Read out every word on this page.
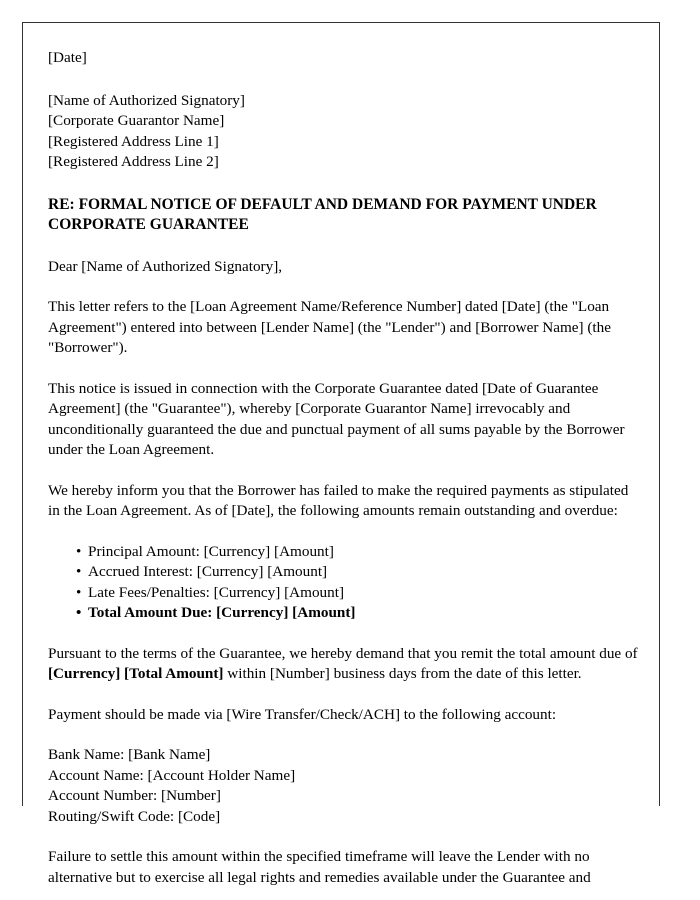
[Date]

[Name of Authorized Signatory]
[Corporate Guarantor Name]
[Registered Address Line 1]
[Registered Address Line 2]

RE: FORMAL NOTICE OF DEFAULT AND DEMAND FOR PAYMENT UNDER CORPORATE GUARANTEE

Dear [Name of Authorized Signatory],

This letter refers to the [Loan Agreement Name/Reference Number] dated [Date] (the "Loan Agreement") entered into between [Lender Name] (the "Lender") and [Borrower Name] (the "Borrower").

This notice is issued in connection with the Corporate Guarantee dated [Date of Guarantee Agreement] (the "Guarantee"), whereby [Corporate Guarantor Name] irrevocably and unconditionally guaranteed the due and punctual payment of all sums payable by the Borrower under the Loan Agreement.

We hereby inform you that the Borrower has failed to make the required payments as stipulated in the Loan Agreement. As of [Date], the following amounts remain outstanding and overdue:

• Principal Amount: [Currency] [Amount]
• Accrued Interest: [Currency] [Amount]
• Late Fees/Penalties: [Currency] [Amount]
• Total Amount Due: [Currency] [Amount]

Pursuant to the terms of the Guarantee, we hereby demand that you remit the total amount due of [Currency] [Total Amount] within [Number] business days from the date of this letter.

Payment should be made via [Wire Transfer/Check/ACH] to the following account:

Bank Name: [Bank Name]
Account Name: [Account Holder Name]
Account Number: [Number]
Routing/Swift Code: [Code]

Failure to settle this amount within the specified timeframe will leave the Lender with no alternative but to exercise all legal rights and remedies available under the Guarantee and
